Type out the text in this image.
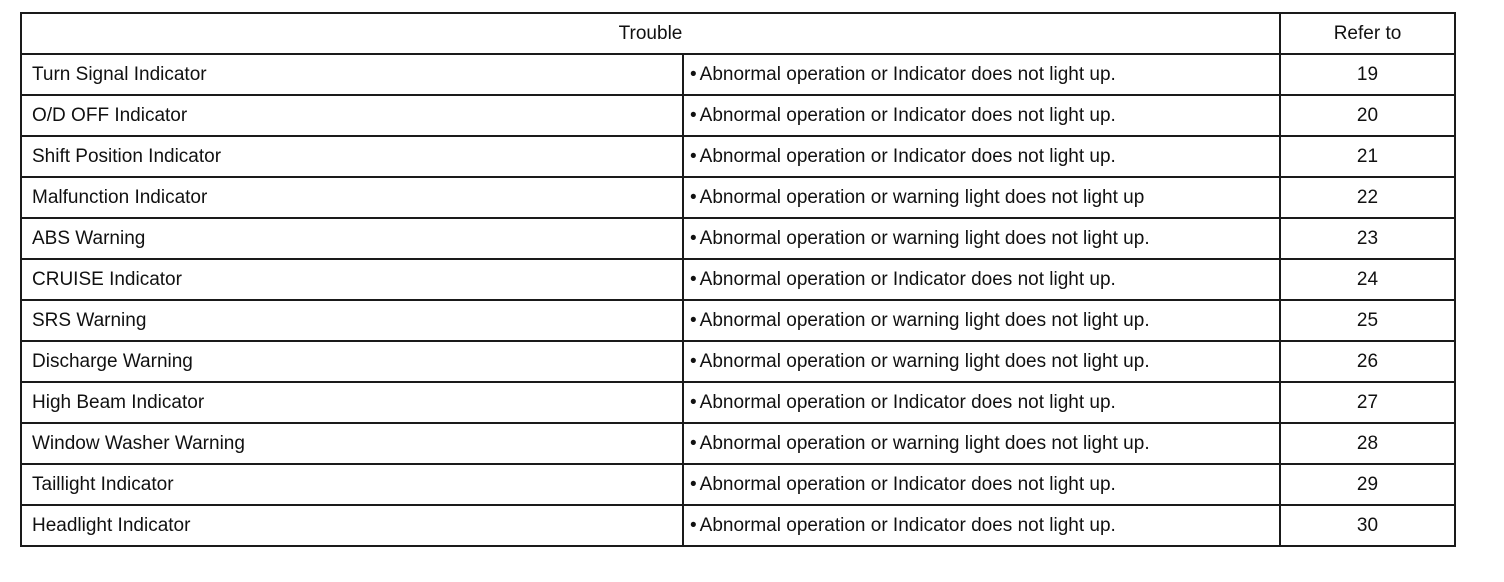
Trouble		Refer to
Turn Signal Indicator	• Abnormal operation or Indicator does not light up.	19
O/D OFF Indicator	• Abnormal operation or Indicator does not light up.	20
Shift Position Indicator	• Abnormal operation or Indicator does not light up.	21
Malfunction Indicator	• Abnormal operation or warning light does not light up	22
ABS Warning	• Abnormal operation or warning light does not light up.	23
CRUISE Indicator	• Abnormal operation or Indicator does not light up.	24
SRS Warning	• Abnormal operation or warning light does not light up.	25
Discharge Warning	• Abnormal operation or warning light does not light up.	26
High Beam Indicator	• Abnormal operation or Indicator does not light up.	27
Window Washer Warning	• Abnormal operation or warning light does not light up.	28
Taillight Indicator	• Abnormal operation or Indicator does not light up.	29
Headlight Indicator	• Abnormal operation or Indicator does not light up.	30
